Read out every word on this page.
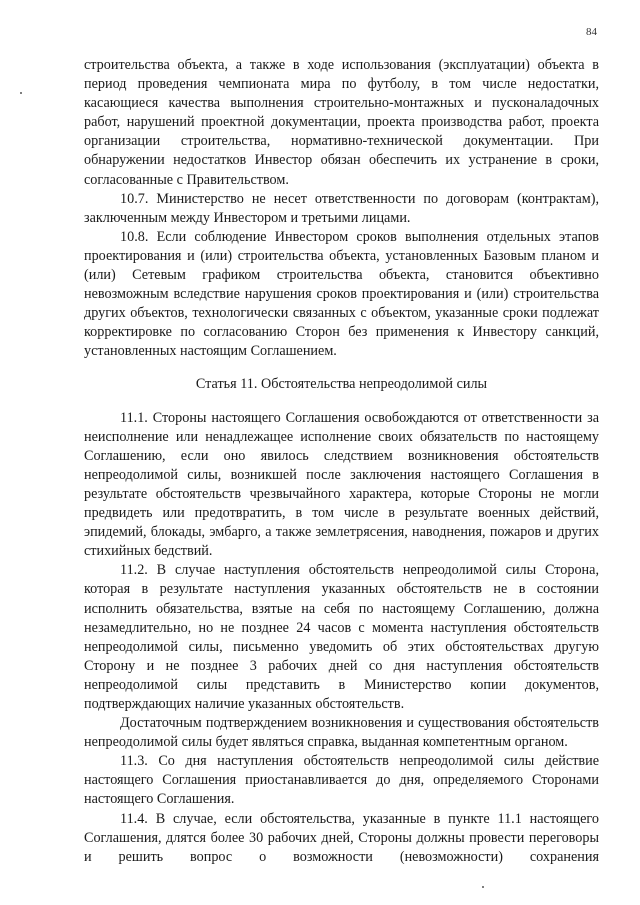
84

строительства объекта, а также в ходе использования (эксплуатации) объекта в период проведения чемпионата мира по футболу, в том числе недостатки, касающиеся качества выполнения строительно-монтажных и пусконаладочных работ, нарушений проектной документации, проекта производства работ, проекта организации строительства, нормативно-технической документации. При обнаружении недостатков Инвестор обязан обеспечить их устранение в сроки, согласованные с Правительством.

10.7. Министерство не несет ответственности по договорам (контрактам), заключенным между Инвестором и третьими лицами.

10.8. Если соблюдение Инвестором сроков выполнения отдельных этапов проектирования и (или) строительства объекта, установленных Базовым планом и (или) Сетевым графиком строительства объекта, становится объективно невозможным вследствие нарушения сроков проектирования и (или) строительства других объектов, технологически связанных с объектом, указанные сроки подлежат корректировке по согласованию Сторон без применения к Инвестору санкций, установленных настоящим Соглашением.

Статья 11. Обстоятельства непреодолимой силы

11.1. Стороны настоящего Соглашения освобождаются от ответственности за неисполнение или ненадлежащее исполнение своих обязательств по настоящему Соглашению, если оно явилось следствием возникновения обстоятельств непреодолимой силы, возникшей после заключения настоящего Соглашения в результате обстоятельств чрезвычайного характера, которые Стороны не могли предвидеть или предотвратить, в том числе в результате военных действий, эпидемий, блокады, эмбарго, а также землетрясения, наводнения, пожаров и других стихийных бедствий.

11.2. В случае наступления обстоятельств непреодолимой силы Сторона, которая в результате наступления указанных обстоятельств не в состоянии исполнить обязательства, взятые на себя по настоящему Соглашению, должна незамедлительно, но не позднее 24 часов с момента наступления обстоятельств непреодолимой силы, письменно уведомить об этих обстоятельствах другую Сторону и не позднее 3 рабочих дней со дня наступления обстоятельств непреодолимой силы представить в Министерство копии документов, подтверждающих наличие указанных обстоятельств.

Достаточным подтверждением возникновения и существования обстоятельств непреодолимой силы будет являться справка, выданная компетентным органом.

11.3. Со дня наступления обстоятельств непреодолимой силы действие настоящего Соглашения приостанавливается до дня, определяемого Сторонами настоящего Соглашения.

11.4. В случае, если обстоятельства, указанные в пункте 11.1 настоящего Соглашения, длятся более 30 рабочих дней, Стороны должны провести переговоры и решить вопрос о возможности (невозможности) сохранения
